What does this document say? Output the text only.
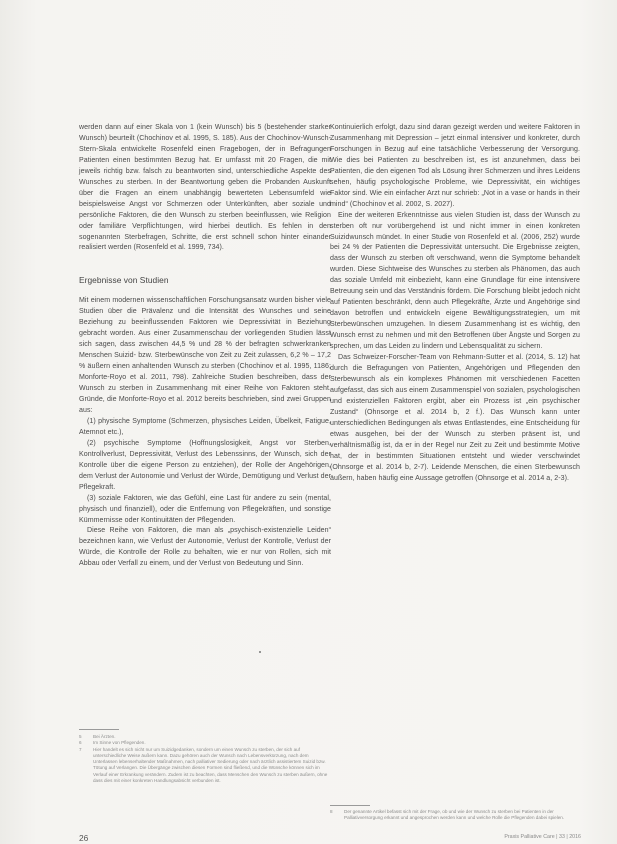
werden dann auf einer Skala von 1 (kein Wunsch) bis 5 (bestehender starker Wunsch) beurteilt (Chochinov et al. 1995, S. 185). Aus der Chochinov-Wunsch-Stern-Skala entwickelte Rosenfeld einen Fragebogen, der in Befragungen Patienten einen bestimmten Bezug hat. Er umfasst mit 20 Fragen, die mit jeweils richtig bzw. falsch zu beantworten sind, unterschiedliche Aspekte des Wunsches zu sterben. In der Beantwortung geben die Probanden Auskunft über die Fragen an einem unabhängig bewerteten Lebensumfeld wie beispielsweise Angst vor Schmerzen oder Unterkünften, aber soziale und persönliche Faktoren, die den Wunsch zu sterben beeinflussen, wie Religion oder familiäre Verpflichtungen, wird hierbei deutlich. Es fehlen in den sogenannten Sterbefragen, Schritte, die erst schnell schon hinter einander realisiert werden (Rosenfeld et al. 1999, 734).

Ergebnisse von Studien

Mit einem modernen wissenschaftlichen Forschungsansatz wurden bisher viele Studien über die Prävalenz und die Intensität des Wunsches und seine Beziehung zu beeinflussenden Faktoren wie Depressivität in Beziehung gebracht worden. Aus einer Zusammenschau der vorliegenden Studien lässt sich sagen, dass zwischen 44,5 % und 28 % der befragten schwerkranken Menschen Suizid- bzw. Sterbewünsche von Zeit zu Zeit zulassen, 6,2 % – 17,2 % äußern einen anhaltenden Wunsch zu sterben (Chochinov et al. 1995, 1186; Monforte-Royo et al. 2011, 798). Zahlreiche Studien beschreiben, dass der Wunsch zu sterben in Zusammenhang mit einer Reihe von Faktoren steht. Gründe, die Monforte-Royo et al. 2012 bereits beschrieben, sind zwei Gruppen aus:

(1) physische Symptome (Schmerzen, physisches Leiden, Übelkeit, Fatigue, Atemnot etc.),

(2) psychische Symptome (Hoffnungslosigkeit, Angst vor Sterben, Kontrollverlust, Depressivität, Verlust des Lebenssinns, der Wunsch, sich der Kontrolle über die eigene Person zu entziehen), der Rolle der Angehörigen, dem Verlust der Autonomie und Verlust der Würde, Demütigung und Verlust der Pflegekraft.

(3) soziale Faktoren, wie das Gefühl, eine Last für andere zu sein (mental, physisch und finanziell), oder die Entfernung von Pflegekräften, und sonstige Kümmernisse oder Kontinuitäten der Pflegenden.

Diese Reihe von Faktoren, die man als „psychisch-existenzielle Leiden“ bezeichnen kann, wie Verlust der Autonomie, Verlust der Kontrolle, Verlust der Würde, die Kontrolle der Rolle zu behalten, wie er nur von Rollen, sich mit Abbau oder Verfall zu einem, und der Verlust von Bedeutung und Sinn.

Kontinuierlich erfolgt, dazu sind daran gezeigt werden und weitere Faktoren in Zusammenhang mit Depression – jetzt einmal intensiver und konkreter, durch Forschungen in Bezug auf eine tatsächliche Verbesserung der Versorgung. Wie dies bei Patienten zu beschreiben ist, es ist anzunehmen, dass bei Patienten, die den eigenen Tod als Lösung ihrer Schmerzen und ihres Leidens sehen, häufig psychologische Probleme, wie Depressivität, ein wichtiges Faktor sind. Wie ein einfacher Arzt nur schrieb: „Not in a vase or hands in their mind“ (Chochinov et al. 2002, S. 2027).

Eine der weiteren Erkenntnisse aus vielen Studien ist, dass der Wunsch zu sterben oft nur vorübergehend ist und nicht immer in einen konkreten Suizidwunsch mündet. In einer Studie von Rosenfeld et al. (2006, 252) wurde bei 24 % der Patienten die Depressivität untersucht. Die Ergebnisse zeigten, dass der Wunsch zu sterben oft verschwand, wenn die Symptome behandelt wurden. Diese Sichtweise des Wunsches zu sterben als Phänomen, das auch das soziale Umfeld mit einbezieht, kann eine Grundlage für eine intensivere Betreuung sein und das Verständnis fördern. Die Forschung bleibt jedoch nicht auf Patienten beschränkt, denn auch Pflegekräfte, Ärzte und Angehörige sind davon betroffen und entwickeln eigene Bewältigungsstrategien, um mit Sterbewünschen umzugehen. In diesem Zusammenhang ist es wichtig, den Wunsch ernst zu nehmen und mit den Betroffenen über Ängste und Sorgen zu sprechen, um das Leiden zu lindern und Lebensqualität zu sichern.

Das Schweizer-Forscher-Team von Rehmann-Sutter et al. (2014, S. 12) hat durch die Befragungen von Patienten, Angehörigen und Pflegenden den Sterbewunsch als ein komplexes Phänomen mit verschiedenen Facetten aufgefasst, das sich aus einem Zusammenspiel von sozialen, psychologischen und existenziellen Faktoren ergibt, aber ein Prozess ist „ein psychischer Zustand“ (Ohnsorge et al. 2014 b, 2 f.). Das Wunsch kann unter unterschiedlichen Bedingungen als etwas Entlastendes, eine Entscheidung für etwas ausgehen, bei der der Wunsch zu sterben präsent ist, und verhältnismäßig ist, da er in der Regel nur Zeit zu Zeit und bestimmte Motive hat, der in bestimmten Situationen entsteht und wieder verschwindet (Ohnsorge et al. 2014 b, 2-7). Leidende Menschen, die einen Sterbewunsch äußern, haben häufig eine Aussage getroffen (Ohnsorge et al. 2014 a, 2-3).

5	Bei Ärzten.
6	Im Sinne von Pflegenden.
7	Hier handelt es sich nicht nur um Suizidgedanken, sondern um einen Wunsch zu sterben, der sich auf unterschiedliche Weise äußern kann. Dazu gehören auch der Wunsch nach Lebensverkürzung, nach dem Unterlassen lebenserhaltender Maßnahmen, nach palliativer Sedierung oder nach ärztlich assistiertem Suizid bzw. Tötung auf Verlangen. Die Übergänge zwischen diesen Formen sind fließend, und die Wünsche können sich im Verlauf einer Erkrankung verändern. Zudem ist zu beachten, dass Menschen den Wunsch zu sterben äußern, ohne dass dies mit einer konkreten Handlungsabsicht verbunden ist.
8	Der genannte Artikel befasst sich mit der Frage, ob und wie der Wunsch zu sterben bei Patienten in der Palliativversorgung erkannt und angesprochen werden kann und welche Rolle die Pflegenden dabei spielen.
26	Praxis Palliative Care | 33 | 2016
